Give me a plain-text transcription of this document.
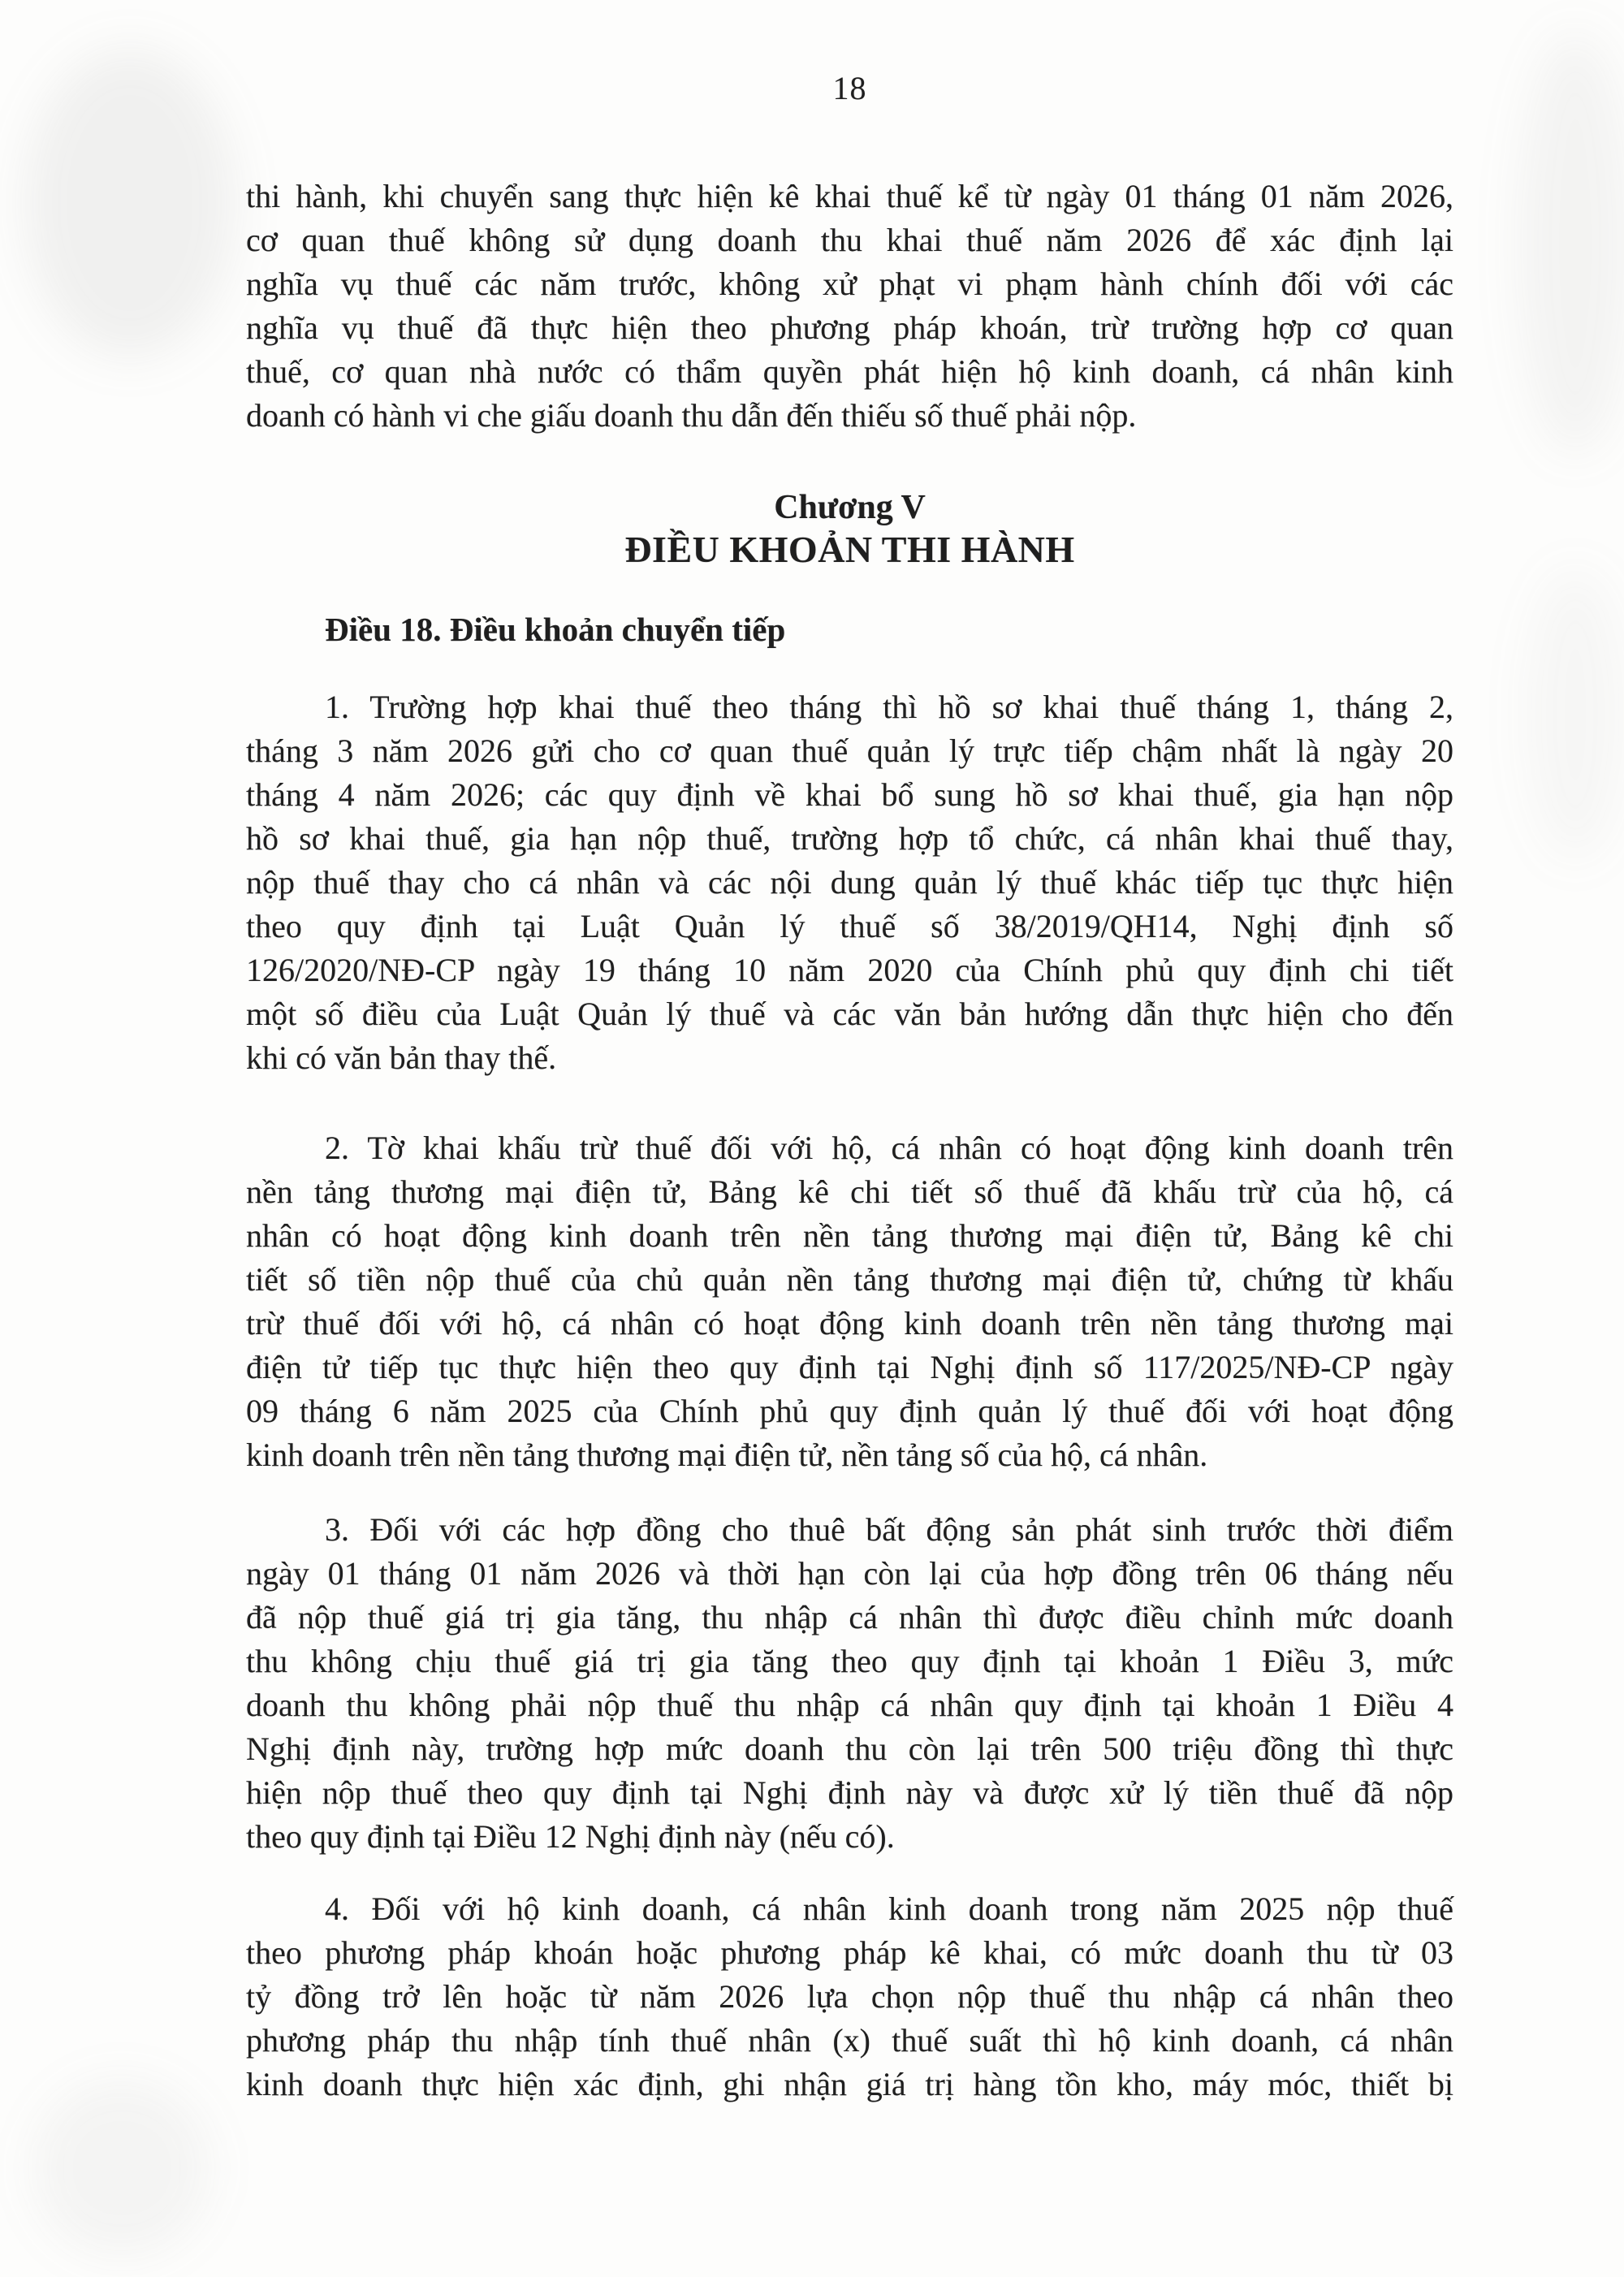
18
thi hành, khi chuyển sang thực hiện kê khai thuế kể từ ngày 01 tháng 01 năm 2026,
cơ quan thuế không sử dụng doanh thu khai thuế năm 2026 để xác định lại
nghĩa vụ thuế các năm trước, không xử phạt vi phạm hành chính đối với các
nghĩa vụ thuế đã thực hiện theo phương pháp khoán, trừ trường hợp cơ quan
thuế, cơ quan nhà nước có thẩm quyền phát hiện hộ kinh doanh, cá nhân kinh
doanh có hành vi che giấu doanh thu dẫn đến thiếu số thuế phải nộp.
Chương V
ĐIỀU KHOẢN THI HÀNH
Điều 18. Điều khoản chuyển tiếp
1. Trường hợp khai thuế theo tháng thì hồ sơ khai thuế tháng 1, tháng 2,
tháng 3 năm 2026 gửi cho cơ quan thuế quản lý trực tiếp chậm nhất là ngày 20
tháng 4 năm 2026; các quy định về khai bổ sung hồ sơ khai thuế, gia hạn nộp
hồ sơ khai thuế, gia hạn nộp thuế, trường hợp tổ chức, cá nhân khai thuế thay,
nộp thuế thay cho cá nhân và các nội dung quản lý thuế khác tiếp tục thực hiện
theo quy định tại Luật Quản lý thuế số 38/2019/QH14, Nghị định số
126/2020/NĐ-CP ngày 19 tháng 10 năm 2020 của Chính phủ quy định chi tiết
một số điều của Luật Quản lý thuế và các văn bản hướng dẫn thực hiện cho đến
khi có văn bản thay thế.
2. Tờ khai khấu trừ thuế đối với hộ, cá nhân có hoạt động kinh doanh trên
nền tảng thương mại điện tử, Bảng kê chi tiết số thuế đã khấu trừ của hộ, cá
nhân có hoạt động kinh doanh trên nền tảng thương mại điện tử, Bảng kê chi
tiết số tiền nộp thuế của chủ quản nền tảng thương mại điện tử, chứng từ khấu
trừ thuế đối với hộ, cá nhân có hoạt động kinh doanh trên nền tảng thương mại
điện tử tiếp tục thực hiện theo quy định tại Nghị định số 117/2025/NĐ-CP ngày
09 tháng 6 năm 2025 của Chính phủ quy định quản lý thuế đối với hoạt động
kinh doanh trên nền tảng thương mại điện tử, nền tảng số của hộ, cá nhân.
3. Đối với các hợp đồng cho thuê bất động sản phát sinh trước thời điểm
ngày 01 tháng 01 năm 2026 và thời hạn còn lại của hợp đồng trên 06 tháng nếu
đã nộp thuế giá trị gia tăng, thu nhập cá nhân thì được điều chỉnh mức doanh
thu không chịu thuế giá trị gia tăng theo quy định tại khoản 1 Điều 3, mức
doanh thu không phải nộp thuế thu nhập cá nhân quy định tại khoản 1 Điều 4
Nghị định này, trường hợp mức doanh thu còn lại trên 500 triệu đồng thì thực
hiện nộp thuế theo quy định tại Nghị định này và được xử lý tiền thuế đã nộp
theo quy định tại Điều 12 Nghị định này (nếu có).
4. Đối với hộ kinh doanh, cá nhân kinh doanh trong năm 2025 nộp thuế
theo phương pháp khoán hoặc phương pháp kê khai, có mức doanh thu từ 03
tỷ đồng trở lên hoặc từ năm 2026 lựa chọn nộp thuế thu nhập cá nhân theo
phương pháp thu nhập tính thuế nhân (x) thuế suất thì hộ kinh doanh, cá nhân
kinh doanh thực hiện xác định, ghi nhận giá trị hàng tồn kho, máy móc, thiết bị
